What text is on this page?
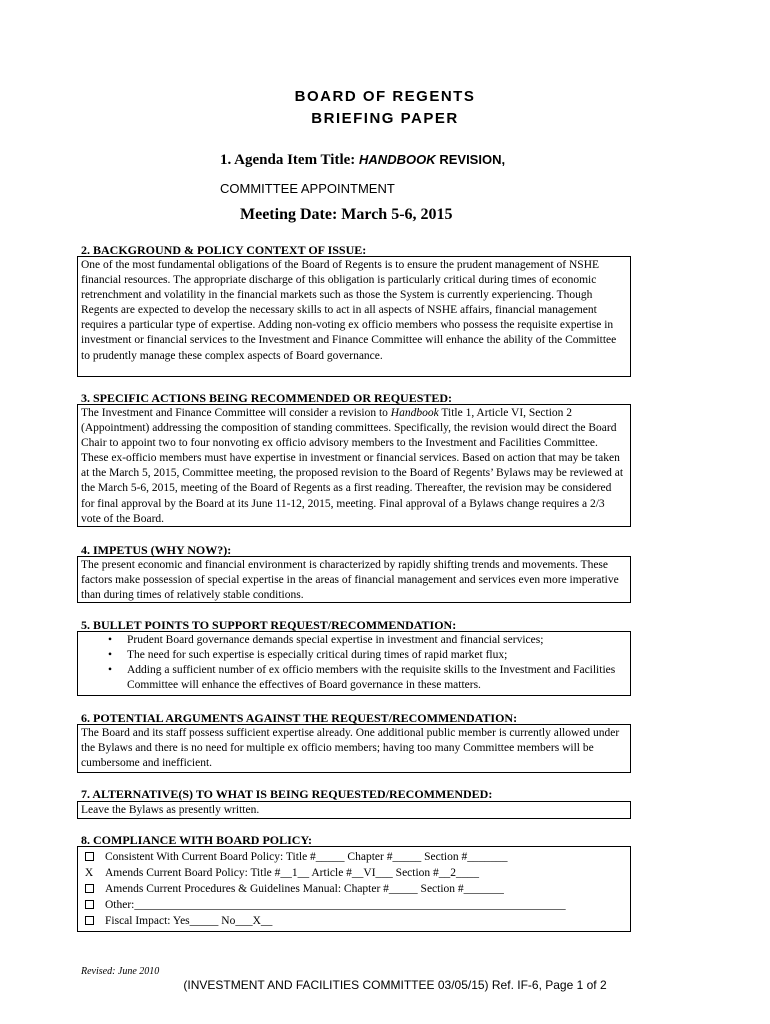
BOARD OF REGENTS
BRIEFING PAPER
1. Agenda Item Title: HANDBOOK REVISION,
COMMITTEE APPOINTMENT
Meeting Date: March 5-6, 2015
2. BACKGROUND & POLICY CONTEXT OF ISSUE:

One of the most fundamental obligations of the Board of Regents is to ensure the prudent management of NSHE financial resources. The appropriate discharge of this obligation is particularly critical during times of economic retrenchment and volatility in the financial markets such as those the System is currently experiencing. Though Regents are expected to develop the necessary skills to act in all aspects of NSHE affairs, financial management requires a particular type of expertise. Adding non-voting ex officio members who possess the requisite expertise in investment or financial services to the Investment and Finance Committee will enhance the ability of the Committee to prudently manage these complex aspects of Board governance.

3. SPECIFIC ACTIONS BEING RECOMMENDED OR REQUESTED:

The Investment and Finance Committee will consider a revision to Handbook Title 1, Article VI, Section 2 (Appointment) addressing the composition of standing committees. Specifically, the revision would direct the Board Chair to appoint two to four nonvoting ex officio advisory members to the Investment and Facilities Committee. These ex-officio members must have expertise in investment or financial services. Based on action that may be taken at the March 5, 2015, Committee meeting, the proposed revision to the Board of Regents’ Bylaws may be reviewed at the March 5-6, 2015, meeting of the Board of Regents as a first reading. Thereafter, the revision may be considered for final approval by the Board at its June 11-12, 2015, meeting. Final approval of a Bylaws change requires a 2/3 vote of the Board.

4. IMPETUS (WHY NOW?):

The present economic and financial environment is characterized by rapidly shifting trends and movements. These factors make possession of special expertise in the areas of financial management and services even more imperative than during times of relatively stable conditions.

5. BULLET POINTS TO SUPPORT REQUEST/RECOMMENDATION:
• Prudent Board governance demands special expertise in investment and financial services;
• The need for such expertise is especially critical during times of rapid market flux;
• Adding a sufficient number of ex officio members with the requisite skills to the Investment and Facilities Committee will enhance the effectives of Board governance in these matters.
6. POTENTIAL ARGUMENTS AGAINST THE REQUEST/RECOMMENDATION:

The Board and its staff possess sufficient expertise already. One additional public member is currently allowed under the Bylaws and there is no need for multiple ex officio members; having too many Committee members will be cumbersome and inefficient.

7. ALTERNATIVE(S) TO WHAT IS BEING REQUESTED/RECOMMENDED:

Leave the Bylaws as presently written.

8. COMPLIANCE WITH BOARD POLICY:
Consistent With Current Board Policy: Title #_____ Chapter #_____ Section #_______
X	Amends Current Board Policy: Title #__1__ Article #__VI___ Section #__2____
Amends Current Procedures & Guidelines Manual: Chapter #_____ Section #_______
Other:___________________________________________________________________________
Fiscal Impact: Yes_____ No___X__
Revised: June 2010
(INVESTMENT AND FACILITIES COMMITTEE 03/05/15) Ref. IF-6, Page 1 of 2
